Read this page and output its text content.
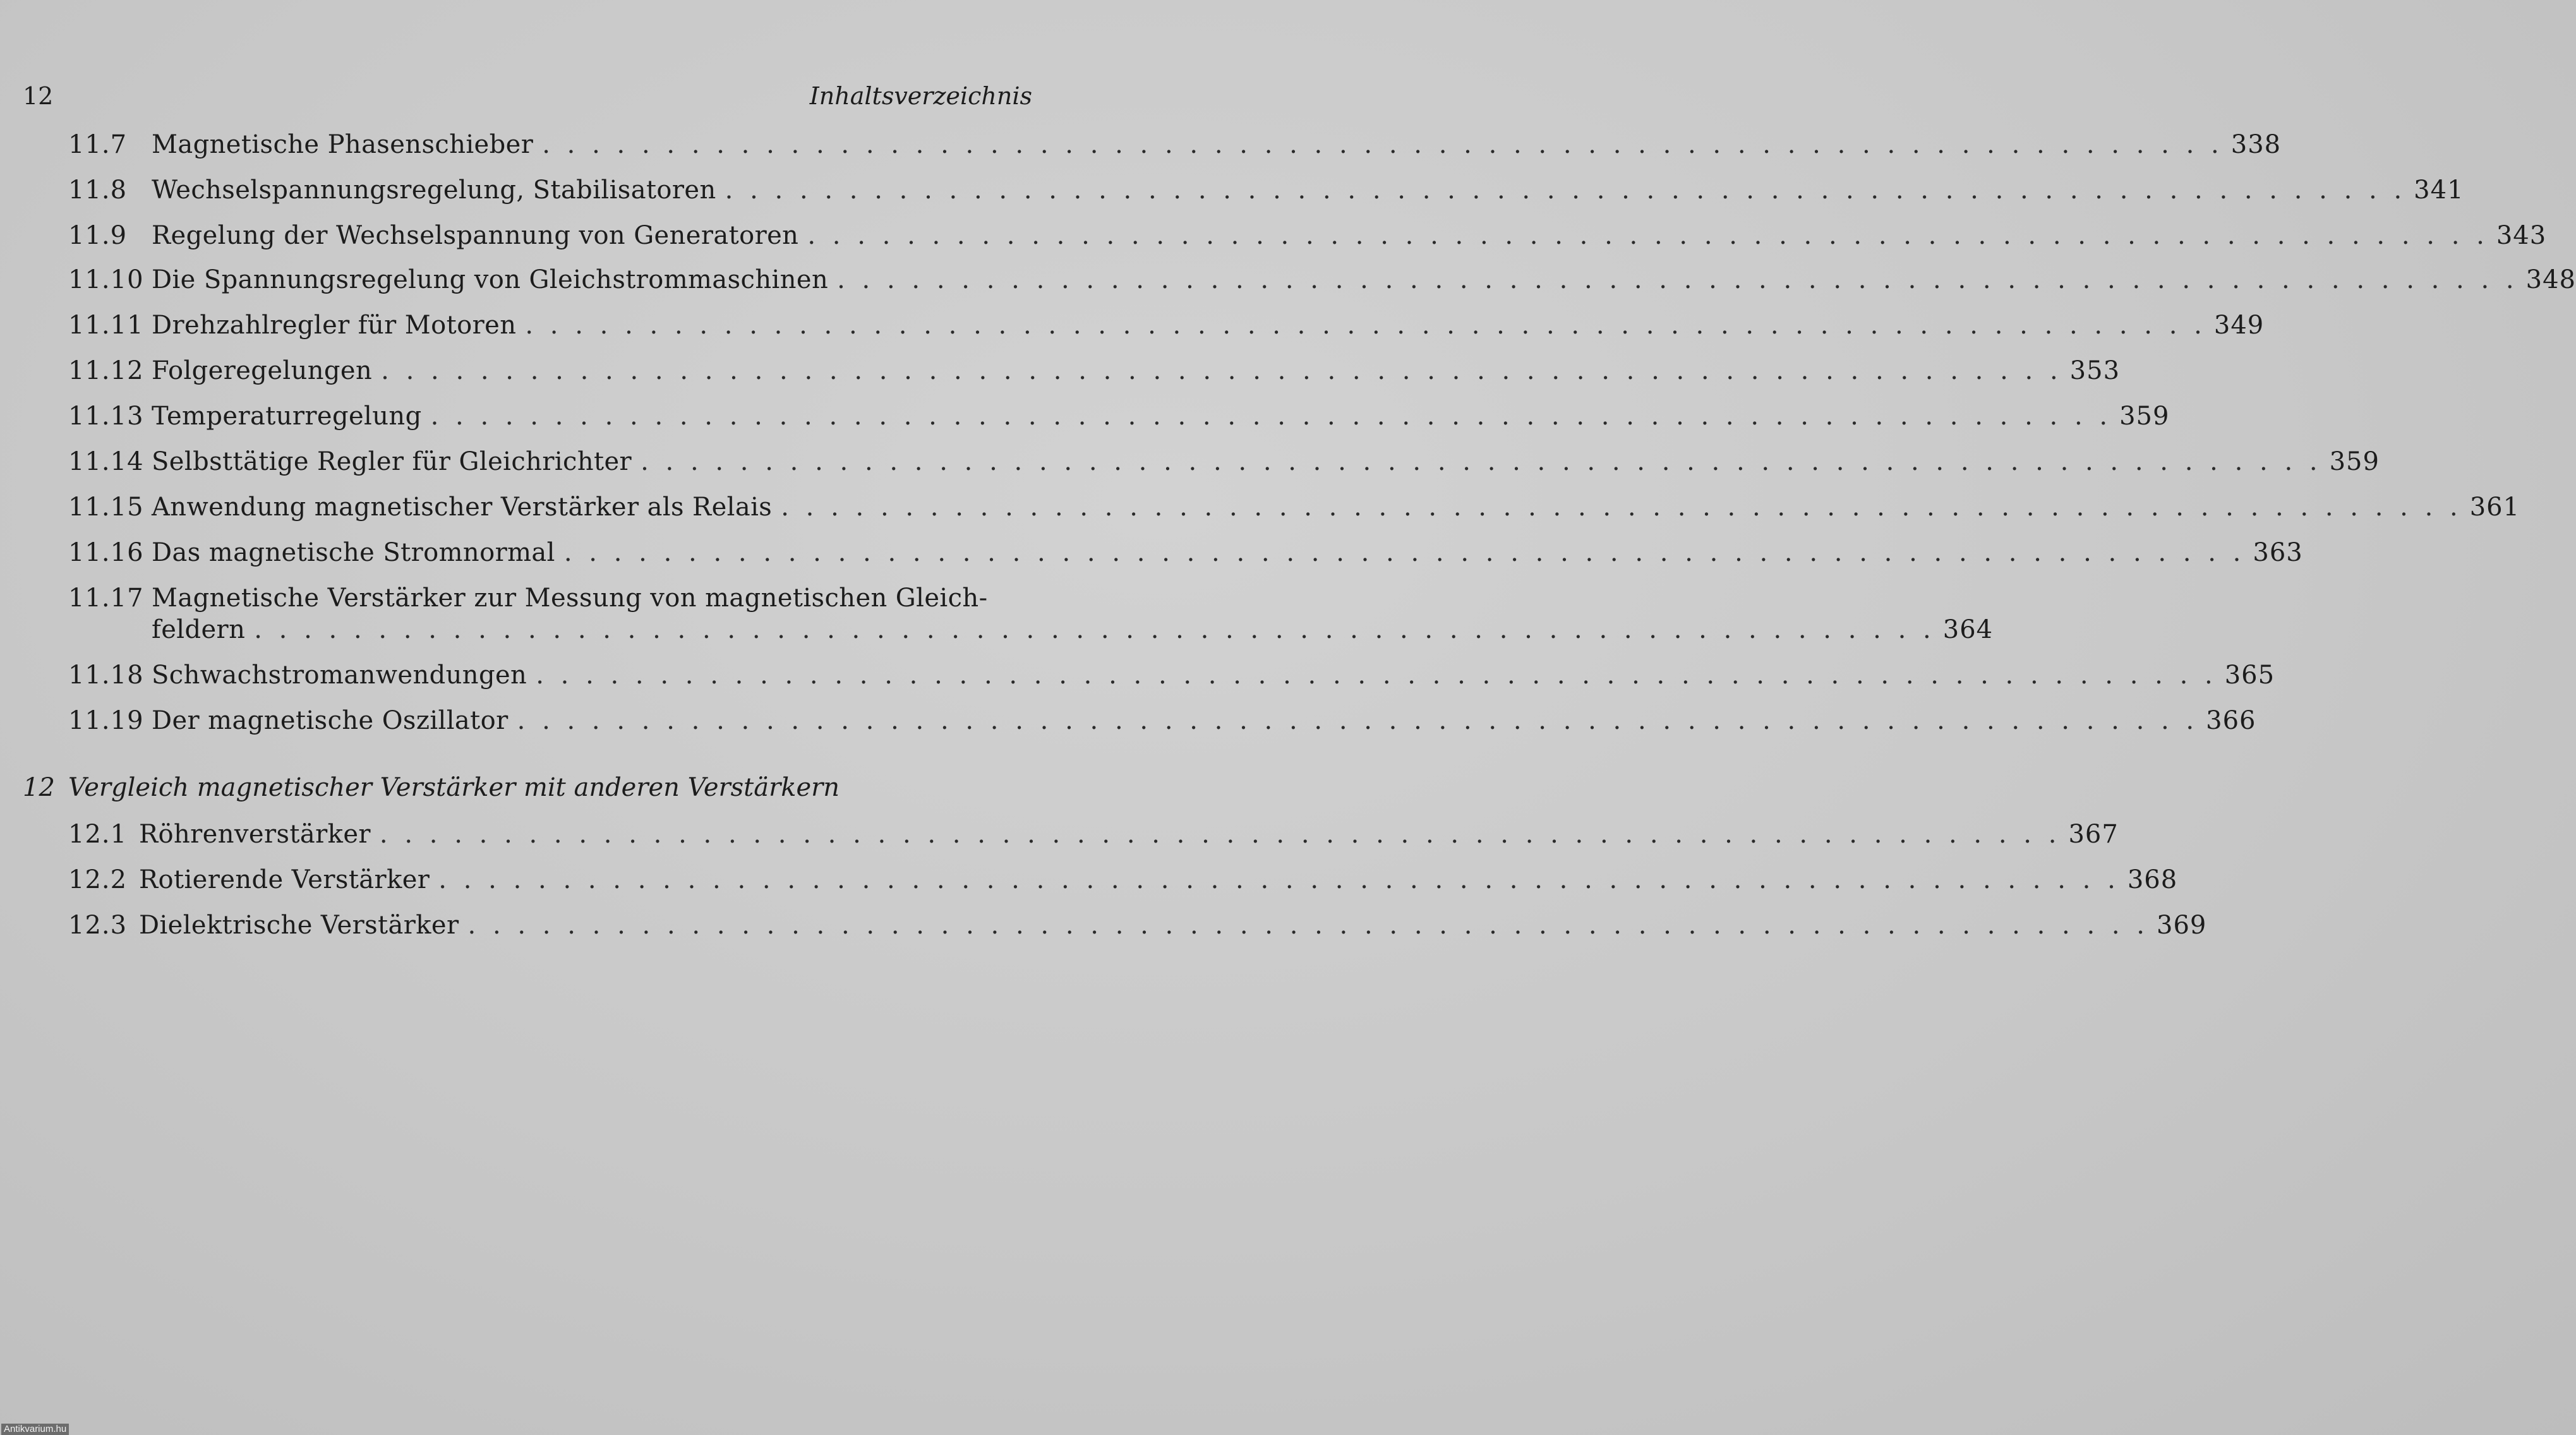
12	Inhaltsverzeichnis
11.7 Magnetische Phasenschieber . . . . . . . . . . . . . . . . . . . . . . . . . . . . . . . . . . . . . . . . . . . . . . . . . . . . . . . . . . . . . . . . . . . . 338
11.8 Wechselspannungsregelung, Stabilisatoren . . . . . . . . . . . . . . . . . . . . . . . . . . . . . . . . . . . . . . . . . . . . . . . . . . . . . . . . . . . . . . . . . . . . 341
11.9 Regelung der Wechselspannung von Generatoren . . . . . . . . . . . . . . . . . . . . . . . . . . . . . . . . . . . . . . . . . . . . . . . . . . . . . . . . . . . . . . . . . . . . 343
11.10 Die Spannungsregelung von Gleichstrommaschinen . . . . . . . . . . . . . . . . . . . . . . . . . . . . . . . . . . . . . . . . . . . . . . . . . . . . . . . . . . . . . . . . . . . . 348
11.11 Drehzahlregler für Motoren . . . . . . . . . . . . . . . . . . . . . . . . . . . . . . . . . . . . . . . . . . . . . . . . . . . . . . . . . . . . . . . . . . . . 349
11.12 Folgeregelungen . . . . . . . . . . . . . . . . . . . . . . . . . . . . . . . . . . . . . . . . . . . . . . . . . . . . . . . . . . . . . . . . . . . . 353
11.13 Temperaturregelung . . . . . . . . . . . . . . . . . . . . . . . . . . . . . . . . . . . . . . . . . . . . . . . . . . . . . . . . . . . . . . . . . . . . 359
11.14 Selbsttätige Regler für Gleichrichter . . . . . . . . . . . . . . . . . . . . . . . . . . . . . . . . . . . . . . . . . . . . . . . . . . . . . . . . . . . . . . . . . . . . 359
11.15 Anwendung magnetischer Verstärker als Relais . . . . . . . . . . . . . . . . . . . . . . . . . . . . . . . . . . . . . . . . . . . . . . . . . . . . . . . . . . . . . . . . . . . . 361
11.16 Das magnetische Stromnormal . . . . . . . . . . . . . . . . . . . . . . . . . . . . . . . . . . . . . . . . . . . . . . . . . . . . . . . . . . . . . . . . . . . . 363
11.17 Magnetische Verstärker zur Messung von magnetischen Gleich-
feldern . . . . . . . . . . . . . . . . . . . . . . . . . . . . . . . . . . . . . . . . . . . . . . . . . . . . . . . . . . . . . . . . . . . . 364
11.18 Schwachstromanwendungen . . . . . . . . . . . . . . . . . . . . . . . . . . . . . . . . . . . . . . . . . . . . . . . . . . . . . . . . . . . . . . . . . . . . 365
11.19 Der magnetische Oszillator . . . . . . . . . . . . . . . . . . . . . . . . . . . . . . . . . . . . . . . . . . . . . . . . . . . . . . . . . . . . . . . . . . . . 366
12 Vergleich magnetischer Verstärker mit anderen Verstärkern
12.1 Röhrenverstärker . . . . . . . . . . . . . . . . . . . . . . . . . . . . . . . . . . . . . . . . . . . . . . . . . . . . . . . . . . . . . . . . . . . . 367
12.2 Rotierende Verstärker . . . . . . . . . . . . . . . . . . . . . . . . . . . . . . . . . . . . . . . . . . . . . . . . . . . . . . . . . . . . . . . . . . . . 368
12.3 Dielektrische Verstärker . . . . . . . . . . . . . . . . . . . . . . . . . . . . . . . . . . . . . . . . . . . . . . . . . . . . . . . . . . . . . . . . . . . . 369
Antikvarium.hu
